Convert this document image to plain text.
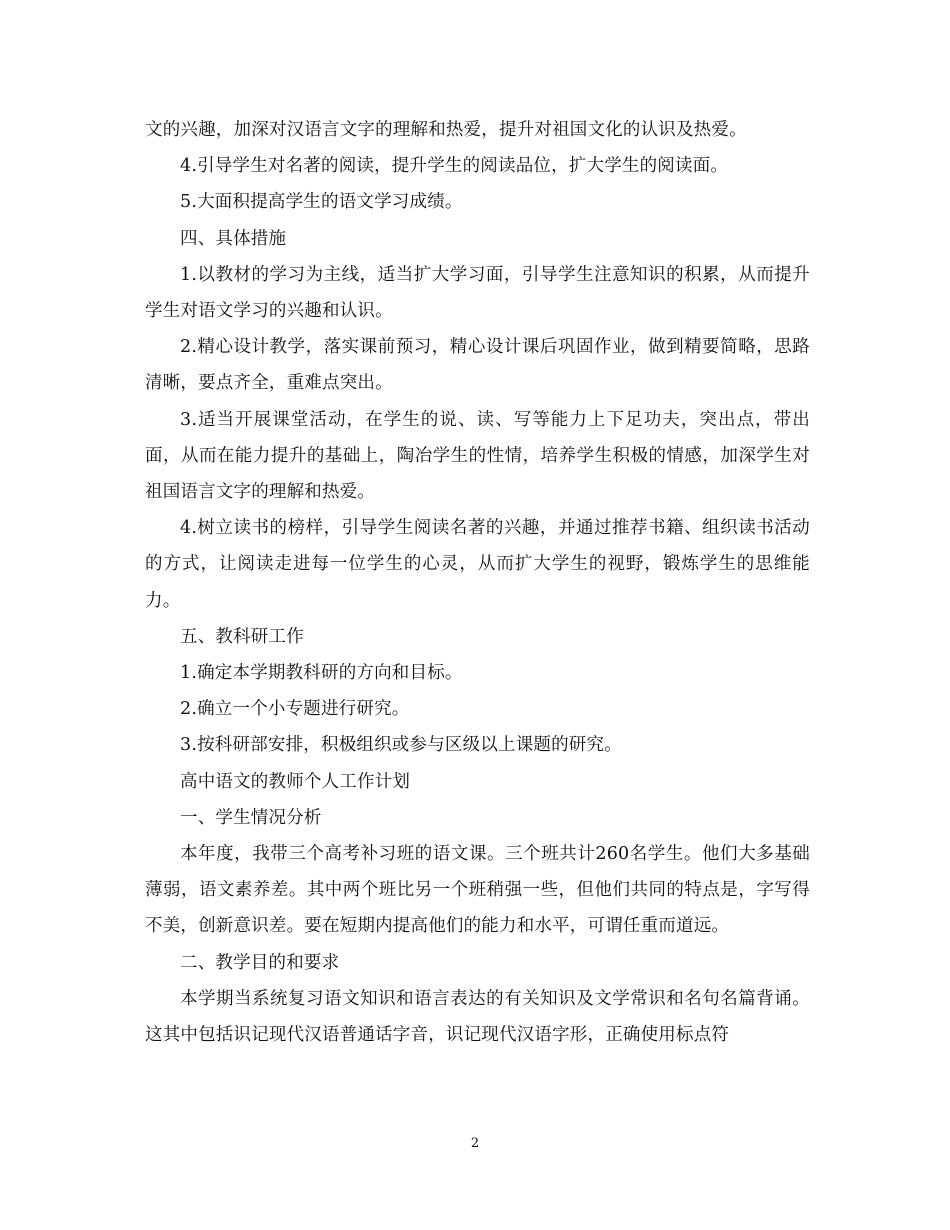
文的兴趣，加深对汉语言文字的理解和热爱，提升对祖国文化的认识及热爱。

4.引导学生对名著的阅读，提升学生的阅读品位，扩大学生的阅读面。

5.大面积提高学生的语文学习成绩。

四、具体措施

1.以教材的学习为主线，适当扩大学习面，引导学生注意知识的积累，从而提升学生对语文学习的兴趣和认识。

2.精心设计教学，落实课前预习，精心设计课后巩固作业，做到精要简略，思路清晰，要点齐全，重难点突出。

3.适当开展课堂活动，在学生的说、读、写等能力上下足功夫，突出点，带出面，从而在能力提升的基础上，陶冶学生的性情，培养学生积极的情感，加深学生对祖国语言文字的理解和热爱。

4.树立读书的榜样，引导学生阅读名著的兴趣，并通过推荐书籍、组织读书活动的方式，让阅读走进每一位学生的心灵，从而扩大学生的视野，锻炼学生的思维能力。

五、教科研工作

1.确定本学期教科研的方向和目标。

2.确立一个小专题进行研究。

3.按科研部安排，积极组织或参与区级以上课题的研究。

高中语文的教师个人工作计划

一、学生情况分析

本年度，我带三个高考补习班的语文课。三个班共计260名学生。他们大多基础薄弱，语文素养差。其中两个班比另一个班稍强一些，但他们共同的特点是，字写得不美，创新意识差。要在短期内提高他们的能力和水平，可谓任重而道远。

二、教学目的和要求

本学期当系统复习语文知识和语言表达的有关知识及文学常识和名句名篇背诵。这其中包括识记现代汉语普通话字音，识记现代汉语字形，正确使用标点符

2
